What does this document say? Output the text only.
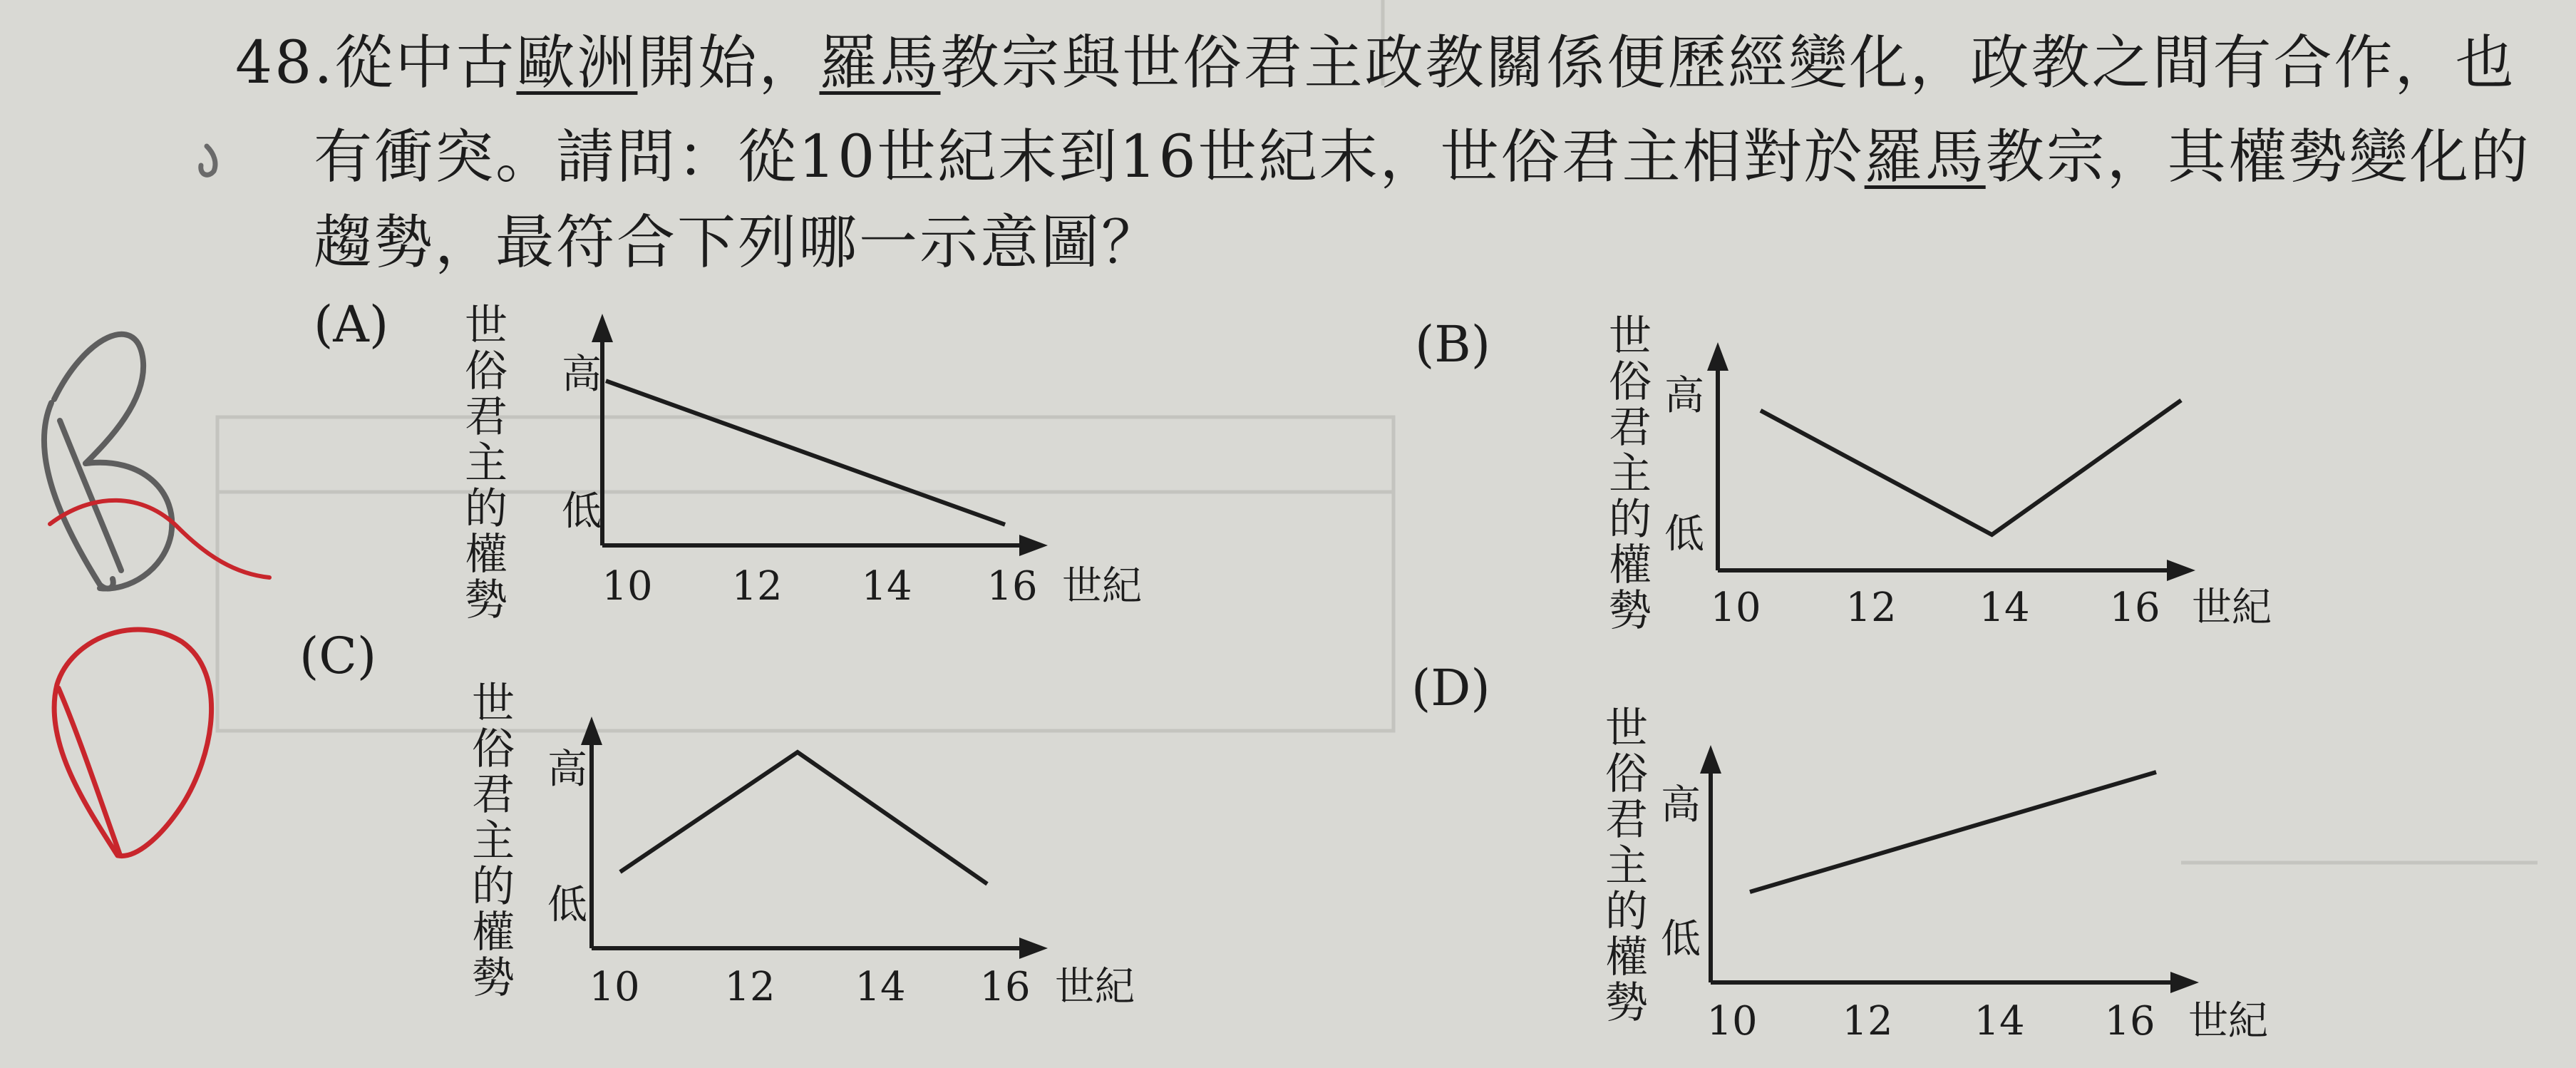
48.從中古歐洲開始，羅馬教宗與世俗君主政教關係便歷經變化，政教之間有合作，也
有衝突。請問：從10世紀末到16世紀末，世俗君主相對於羅馬教宗，其權勢變化的
趨勢，最符合下列哪一示意圖？
(A) 世
俗
君
主
的
權
勢
高
低
10 12 14 16 世紀
(B)	世
俗
君
主
的
權
勢
高
低
10 12 14 16 世紀
(C)
世
俗
君
主
的
權
勢
高
低
10 12 14 16 世紀
(D)
世
俗
君
主
的
權
勢
高
低
10 12 14 16 世紀
